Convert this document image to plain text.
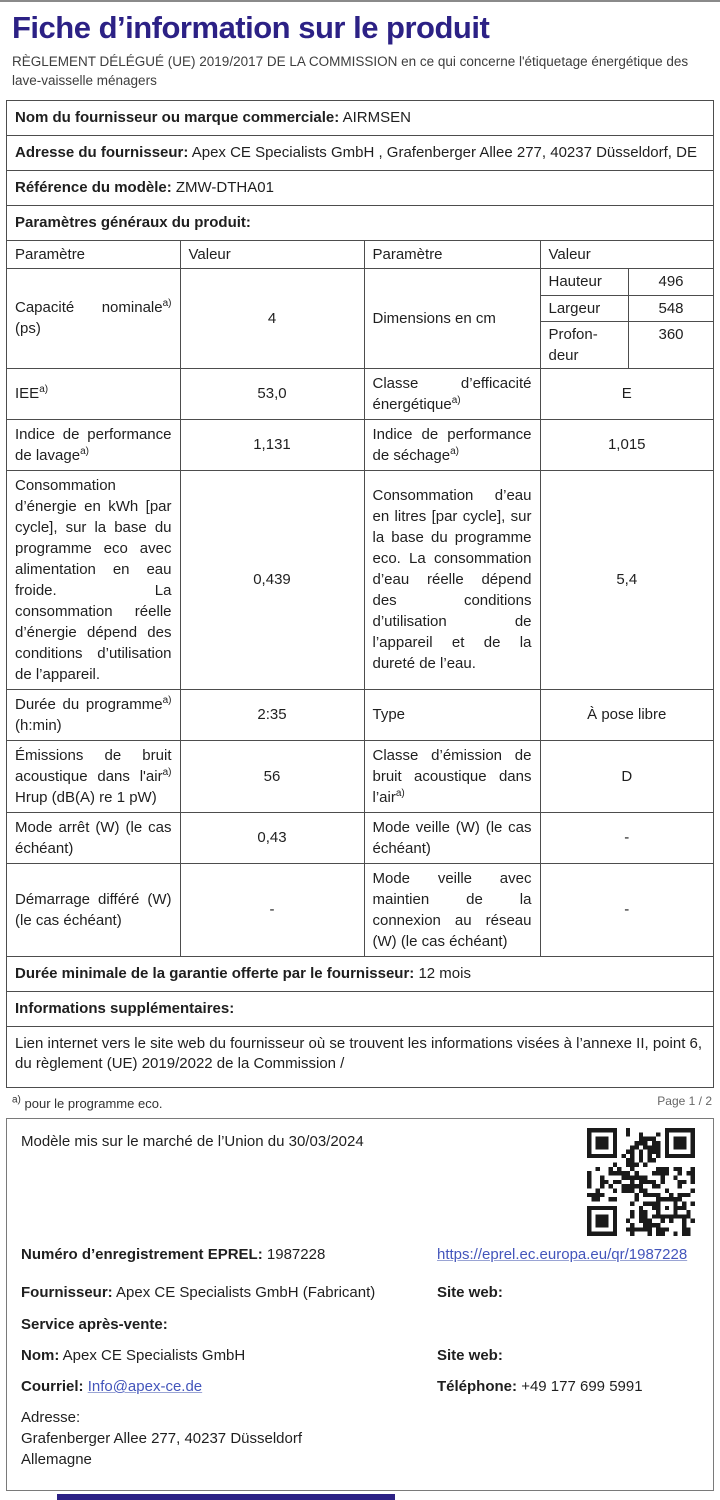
Fiche d’information sur le produit
RÈGLEMENT DÉLÉGUÉ (UE) 2019/2017 DE LA COMMISSION en ce qui concerne l'étiquetage énergétique des lave-vaisselle ménagers
Nom du fournisseur ou marque commerciale: AIRMSEN
Adresse du fournisseur: Apex CE Specialists GmbH , Grafenberger Allee 277, 40237 Düsseldorf, DE
Référence du modèle: ZMW-DTHA01
Paramètres généraux du produit:
Paramètre	Valeur	Paramètre	Valeur
Capacité nominale$^{a)}$ (ps)	4	Dimensions en cm	
Hauteur	496
Largeur	548
Profon-deur	360

IEE$^{a)}$	53,0	Classe d’efficacité énergétique$^{a)}$	E
Indice de performance de lavage$^{a)}$	1,131	Indice de performance de séchage$^{a)}$	1,015
Consommation d’énergie en kWh [par cycle], sur la base du programme eco avec alimentation en eau froide. La consommation réelle d’énergie dépend des conditions d’utilisation de l’appareil.	0,439	Consommation d’eau en litres [par cycle], sur la base du programme eco. La consommation d’eau réelle dépend des conditions d’utilisation de l’appareil et de la dureté de l’eau.	5,4
Durée du programme$^{a)}$ (h:min)	2:35	Type	À pose libre
Émissions de bruit acoustique dans l'air$^{a)}$ Hrup (dB(A) re 1 pW)	56	Classe d’émission de bruit acoustique dans l’air$^{a)}$	D
Mode arrêt (W) (le cas échéant)	0,43	Mode veille (W) (le cas échéant)	-
Démarrage différé (W) (le cas échéant)	-	Mode veille avec maintien de la connexion au réseau (W) (le cas échéant)	-
Durée minimale de la garantie offerte par le fournisseur: 12 mois
Informations supplémentaires:
Lien internet vers le site web du fournisseur où se trouvent les informations visées à l’annexe II, point 6, du règlement (UE) 2019/2022 de la Commission /
$^{a)}$ pour le programme eco.	Page 1 / 2
Modèle mis sur le marché de l’Union du 30/03/2024
Numéro d’enregistrement EPREL: 1987228	https://eprel.ec.europa.eu/qr/1987228
Fournisseur: Apex CE Specialists GmbH (Fabricant)	Site web:
Service après-vente:
Nom: Apex CE Specialists GmbH	Site web:
Courriel: Info@apex-ce.de	Téléphone: +49 177 699 5991
Adresse:
Grafenberger Allee 277, 40237 Düsseldorf
Allemagne
